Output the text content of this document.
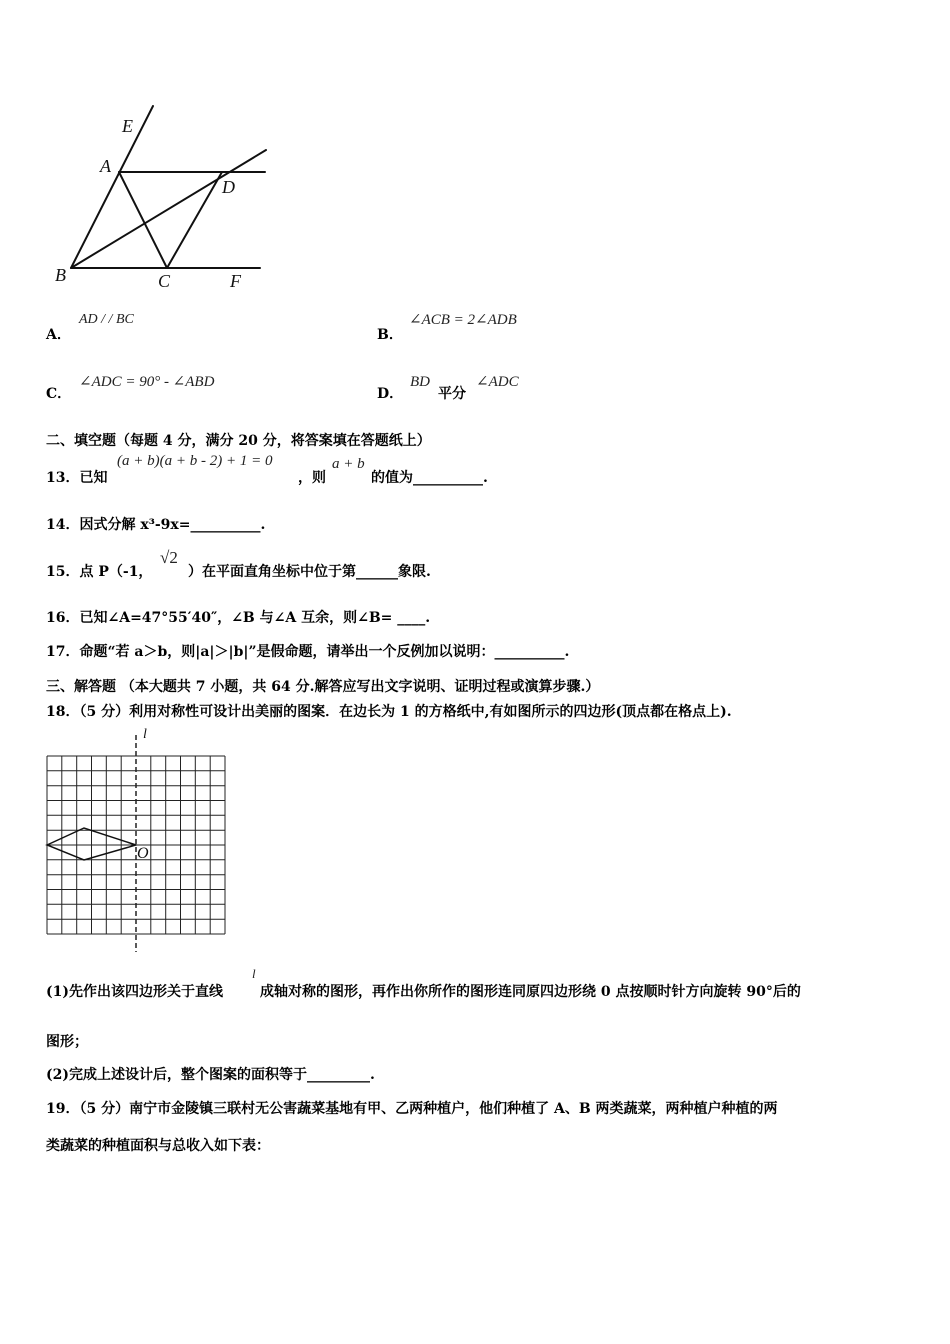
E
A
D
B	C	F
A．
AD / / BC
B．
∠ACB = 2∠ADB
C．
∠ADC = 90° - ∠ABD
D．
BD
平分
∠ADC
二、填空题（每题 4 分，满分 20 分，将答案填在答题纸上）
13．已知
(a + b)(a + b - 2) + 1 = 0
，则
a + b
的值为__________.
14．因式分解 x³-9x=__________.
15．点 P（-1，
√2
）在平面直角坐标中位于第______象限.
16．已知∠A=47°55′40″，∠B 与∠A 互余，则∠B= ____.
17．命题“若 a＞b，则|a|＞|b|”是假命题，请举出一个反例加以说明：__________.
三、解答题 （本大题共 7 小题，共 64 分.解答应写出文字说明、证明过程或演算步骤.）
18．（5 分）利用对称性可设计出美丽的图案．在边长为 1 的方格纸中,有如图所示的四边形(顶点都在格点上).
l
O
(1)先作出该四边形关于直线
l
成轴对称的图形，再作出你所作的图形连同原四边形绕 0 点按顺时针方向旋转 90°后的
图形；
(2)完成上述设计后，整个图案的面积等于_________.
19．（5 分）南宁市金陵镇三联村无公害蔬菜基地有甲、乙两种植户，他们种植了 A、B 两类蔬菜，两种植户种植的两
类蔬菜的种植面积与总收入如下表：
